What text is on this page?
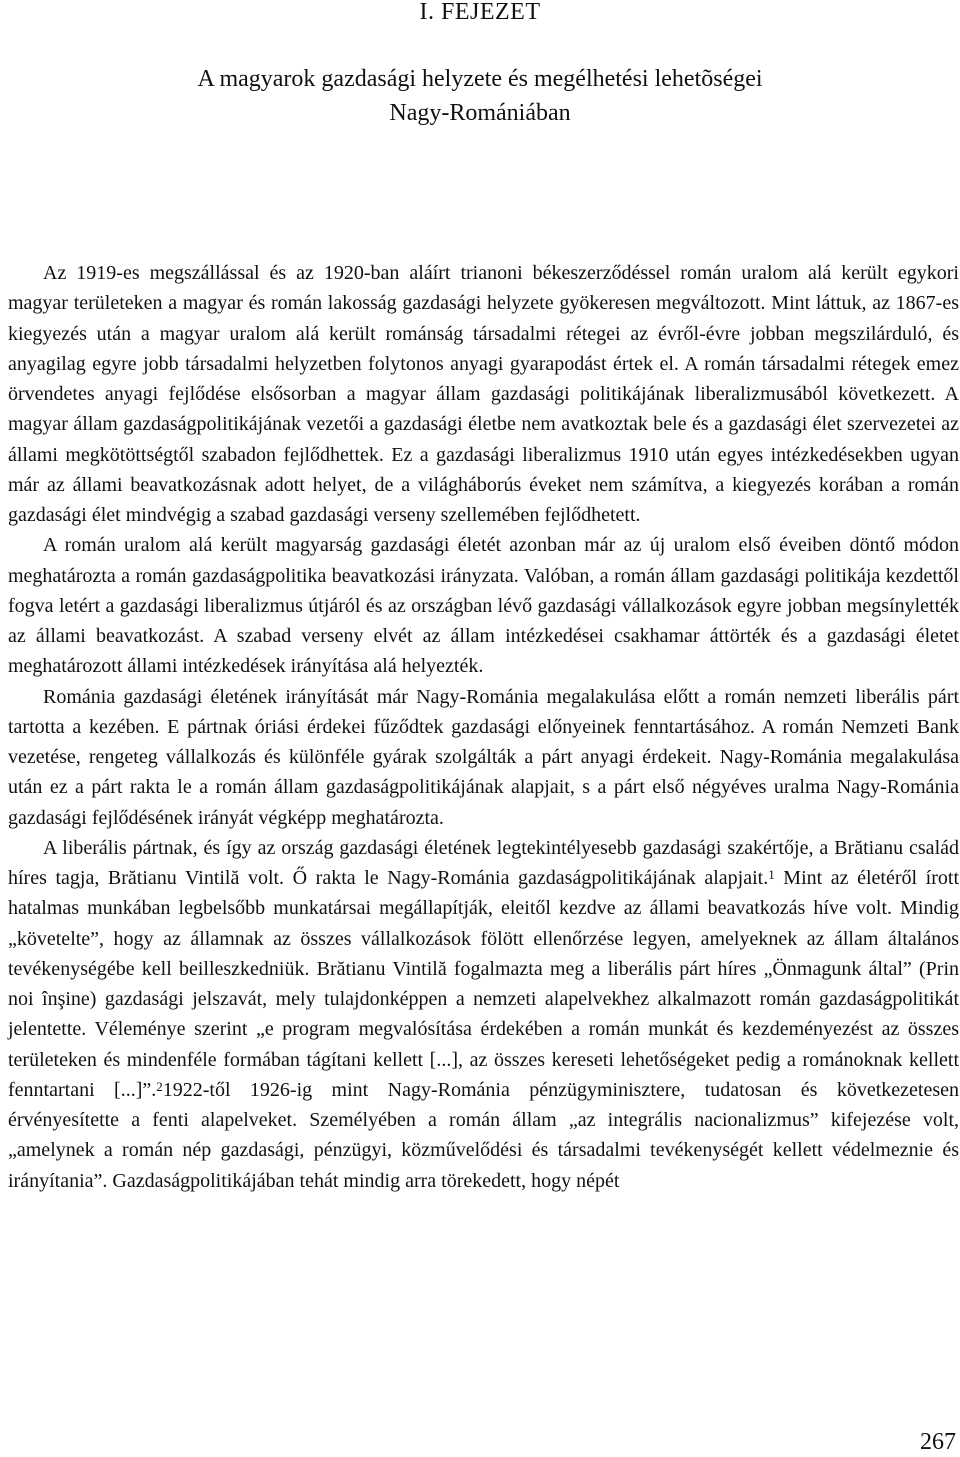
I. FEJEZET
A magyarok gazdasági helyzete és megélhetési lehetõségei
Nagy-Romániában

Az 1919-es megszállással és az 1920-ban aláírt trianoni békeszerződéssel román uralom alá került egykori magyar területeken a magyar és román lakosság gazdasági helyzete gyökeresen megváltozott. Mint láttuk, az 1867-es kiegyezés után a magyar uralom alá került románság társadalmi rétegei az évről-évre jobban megszilárduló, és anyagilag egyre jobb társadalmi helyzetben folytonos anyagi gyarapodást értek el. A román társadalmi rétegek emez örvendetes anyagi fejlődése elsősorban a magyar állam gazdasági politikájának liberalizmusából következett. A magyar állam gazdaságpolitikájának vezetői a gazdasági életbe nem avatkoztak bele és a gazdasági élet szervezetei az állami megkötöttségtől szabadon fejlődhettek. Ez a gazdasági liberalizmus 1910 után egyes intézkedésekben ugyan már az állami beavatkozásnak adott helyet, de a világháborús éveket nem számítva, a kiegyezés korában a román gazdasági élet mindvégig a szabad gazdasági verseny szellemében fejlődhetett.

A román uralom alá került magyarság gazdasági életét azonban már az új uralom első éveiben döntő módon meghatározta a román gazdaságpolitika beavatkozási irányzata. Valóban, a román állam gazdasági politikája kezdettől fogva letért a gazdasági liberalizmus útjáról és az országban lévő gazdasági vállalkozások egyre jobban megsínylették az állami beavatkozást. A szabad verseny elvét az állam intézkedései csakhamar áttörték és a gazdasági életet meghatározott állami intézkedések irányítása alá helyezték.

Románia gazdasági életének irányítását már Nagy-Románia megalakulása előtt a román nemzeti liberális párt tartotta a kezében. E pártnak óriási érdekei fűződtek gazdasági előnyeinek fenntartásához. A román Nemzeti Bank vezetése, rengeteg vállalkozás és különféle gyárak szolgálták a párt anyagi érdekeit. Nagy-Románia megalakulása után ez a párt rakta le a román állam gazdaságpolitikájának alapjait, s a párt első négyéves uralma Nagy-Románia gazdasági fejlődésének irányát végképp meghatározta.

A liberális pártnak, és így az ország gazdasági életének legtekintélyesebb gazdasági szakértője, a Brătianu család híres tagja, Brătianu Vintilă volt. Ő rakta le Nagy-Románia gazdaságpolitikájának alapjait.$^1$ Mint az életéről írott hatalmas munkában legbelsőbb munkatársai megállapítják, eleitől kezdve az állami beavatkozás híve volt. Mindig „követelte”, hogy az államnak az összes vállalkozások fölött ellenőrzése legyen, amelyeknek az állam általános tevékenységébe kell beilleszkedniük. Brătianu Vintilă fogalmazta meg a liberális párt híres „Önmagunk által” (Prin noi înşine) gazdasági jelszavát, mely tulajdonképpen a nemzeti alapelvekhez alkalmazott román gazdaságpolitikát jelentette. Véleménye szerint „e program megvalósítása érdekében a román munkát és kezdeményezést az összes területeken és mindenféle formában tágítani kellett [...], az összes kereseti lehetőségeket pedig a románoknak kellett fenntartani [...]”.$^2$1922-től 1926-ig mint Nagy-Románia pénzügyminisztere, tudatosan és következetesen érvényesítette a fenti alapelveket. Személyében a román állam „az integrális nacionalizmus” kifejezése volt, „amelynek a román nép gazdasági, pénzügyi, közművelődési és társadalmi tevékenységét kellett védelmeznie és irányítania”. Gazdaságpolitikájában tehát mindig arra törekedett, hogy népét

267
